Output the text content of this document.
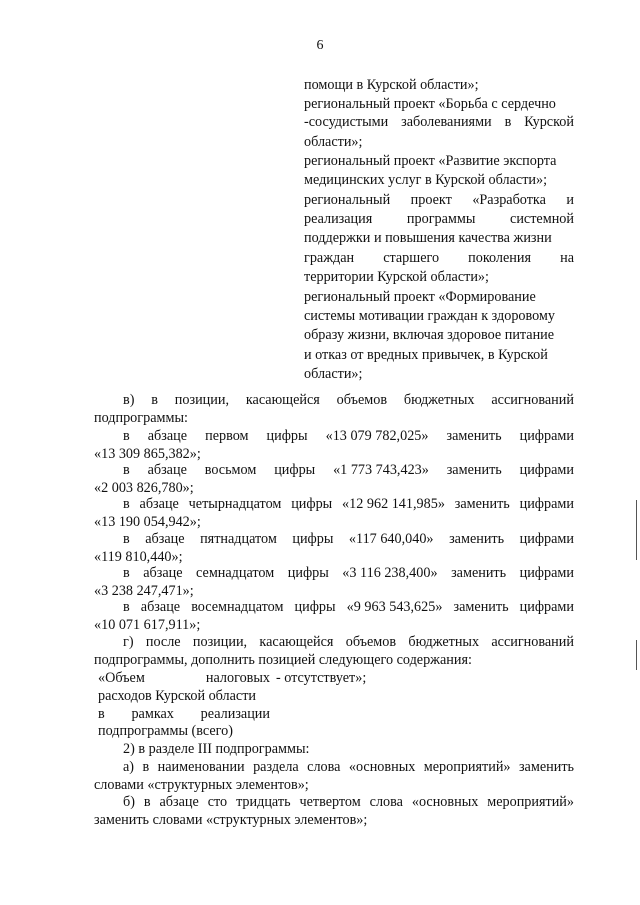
6
помощи в Курской области»;
региональный проект «Борьба с сердечно
-сосудистыми заболеваниями в Курской
области»;
региональный проект «Развитие экспорта
медицинских услуг в Курской области»;
региональный проект «Разработка и
реализация программы системной
поддержки и повышения качества жизни
граждан старшего поколения на
территории Курской области»;
региональный проект «Формирование
системы мотивации граждан к здоровому
образу жизни, включая здоровое питание
и отказ от вредных привычек, в Курской
области»;
в) в позиции, касающейся объемов бюджетных ассигнований
подпрограммы:
в абзаце первом цифры «13 079 782,025» заменить цифрами
«13 309 865,382»;
в абзаце восьмом цифры «1 773 743,423» заменить цифрами
«2 003 826,780»;
в абзаце четырнадцатом цифры «12 962 141,985» заменить цифрами
«13 190 054,942»;
в абзаце пятнадцатом цифры «117 640,040» заменить цифрами
«119 810,440»;
в абзаце семнадцатом цифры «3 116 238,400» заменить цифрами
«3 238 247,471»;
в абзаце восемнадцатом цифры «9 963 543,625» заменить цифрами
«10 071 617,911»;
г) после позиции, касающейся объемов бюджетных ассигнований
подпрограммы, дополнить позицией следующего содержания:
«Объем	налоговых - отсутствует»;
расходов Курской области
в рамках реализации
подпрограммы (всего)
2) в разделе III подпрограммы:
а) в наименовании раздела слова «основных мероприятий» заменить
словами «структурных элементов»;
б) в абзаце сто тридцать четвертом слова «основных мероприятий»
заменить словами «структурных элементов»;
